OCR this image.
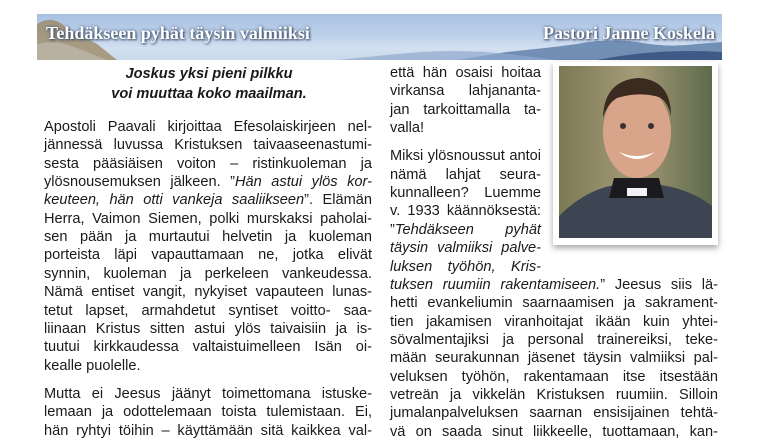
Tehdäkseen pyhät täysin valmiiksi	Pastori Janne Koskela
Joskus yksi pieni pilkku
voi muuttaa koko maailman.
Apostoli Paavali kirjoittaa Efesolaiskirjeen nel-
jännessä luvussa Kristuksen taivaaseenastumi-
sesta pääsiäisen voiton – ristinkuoleman ja
ylösnousemuksen jälkeen. ”Hän astui ylös kor-
keuteen, hän otti vankeja saaliikseen”. Elämän
Herra, Vaimon Siemen, polki murskaksi paholai-
sen pään ja murtautui helvetin ja kuoleman
porteista läpi vapauttamaan ne, jotka elivät
synnin, kuoleman ja perkeleen vankeudessa.
Nämä entiset vangit, nykyiset vapauteen lunas-
tetut lapset, armahdetut syntiset voitto- saa-
liinaan Kristus sitten astui ylös taivaisiin ja is-
tuutui kirkkaudessa valtaistuimelleen Isän oi-
kealle puolelle.
Mutta ei Jeesus jäänyt toimettomana istuske-
lemaan ja odottelemaan toista tulemistaan. Ei,
hän ryhtyi töihin – käyttämään sitä kaikkea val-
että hän osaisi hoitaa
virkansa lahjananta-
jan tarkoittamalla ta-
valla!
Miksi ylösnoussut antoi
nämä lahjat seura-
kunnalleen? Luemme
v. 1933 käännöksestä:
”Tehdäkseen pyhät
täysin valmiiksi palve-
luksen työhön, Kris-
tuksen ruumiin rakentamiseen.” Jeesus siis lä-
hetti evankeliumin saarnaamisen ja sakrament-
tien jakamisen viranhoitajat ikään kuin yhtei-
sövalmentajiksi ja personal trainereiksi, teke-
mään seurakunnan jäsenet täysin valmiiksi pal-
veluksen työhön, rakentamaan itse itsestään
vetreän ja vikkelän Kristuksen ruumiin. Silloin
jumalanpalveluksen saarnan ensisijainen tehtä-
vä on saada sinut liikkeelle, tuottamaan, kan-
